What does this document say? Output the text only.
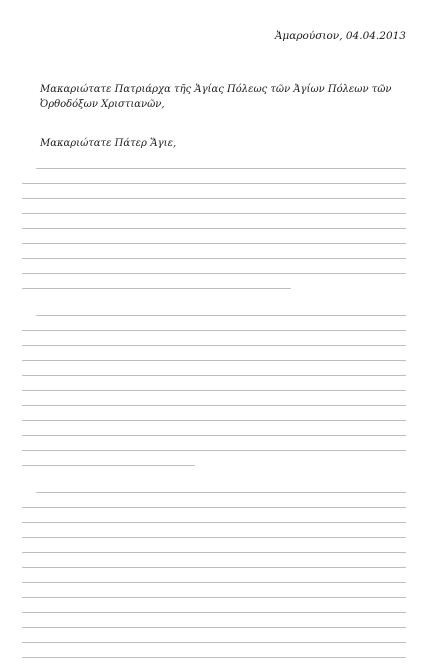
Ἀμαρούσιον, 04.04.2013
Μακαριώτατε Πατριάρχα τῆς Ἁγίας Πόλεως τῶν Ἀγίων Πόλεων τῶν Ὀρθοδόξων Χριστιανῶν,
Μακαριώτατε Πάτερ Ἅγιε,
